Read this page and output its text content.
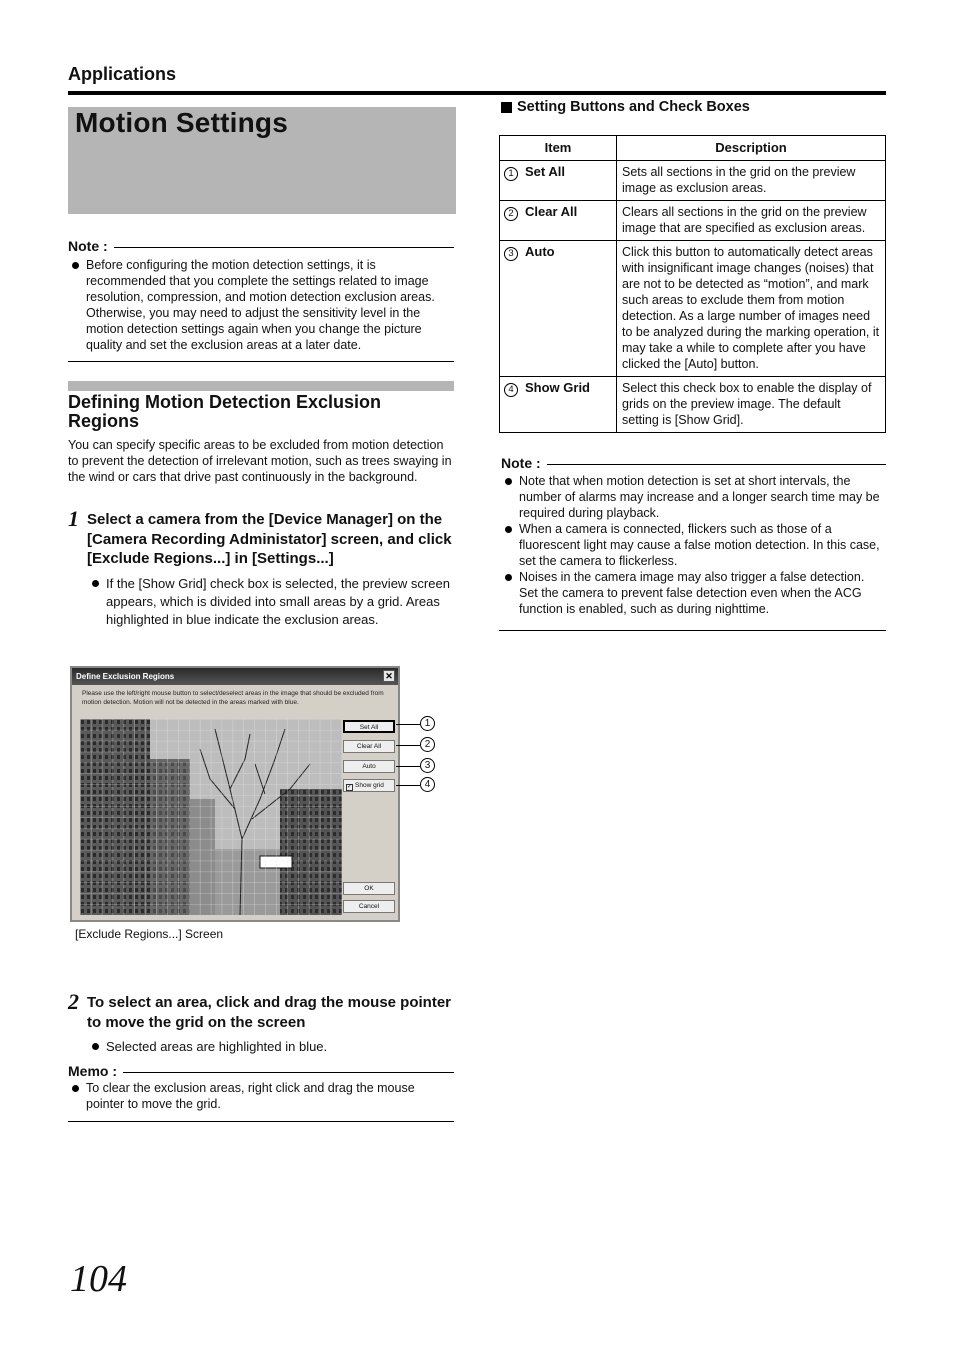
Applications
Motion Settings
Note :
Before configuring the motion detection settings, it is recommended that you complete the settings related to image resolution, compression, and motion detection exclusion areas. Otherwise, you may need to adjust the sensitivity level in the motion detection settings again when you change the picture quality and set the exclusion areas at a later date.
Defining Motion Detection Exclusion Regions
You can specify specific areas to be excluded from motion detection to prevent the detection of irrelevant motion, such as trees swaying in the wind or cars that drive past continuously in the background.
1 Select a camera from the [Device Manager] on the [Camera Recording Administator] screen, and click [Exclude Regions...] in [Settings...]
If the [Show Grid] check box is selected, the preview screen appears, which is divided into small areas by a grid. Areas highlighted in blue indicate the exclusion areas.
Define Exclusion Regions	✕
Please use the left/right mouse button to select/deselect areas in the image that should be excluded from motion detection. Motion will not be detected in the areas marked with blue.
Set All
Clear All
Auto
✓ Show grid
OK
Cancel
1
2
3
4
[Exclude Regions...] Screen
2 To select an area, click and drag the mouse pointer to move the grid on the screen
Selected areas are highlighted in blue.
Memo :
To clear the exclusion areas, right click and drag the mouse pointer to move the grid.
Setting Buttons and Check Boxes
Item	Description
1 Set All	Sets all sections in the grid on the preview image as exclusion areas.
2 Clear All	Clears all sections in the grid on the preview image that are specified as exclusion areas.
3 Auto	Click this button to automatically detect areas with insignificant image changes (noises) that are not to be detected as “motion”, and mark such areas to exclude them from motion detection. As a large number of images need to be analyzed during the marking operation, it may take a while to complete after you have clicked the [Auto] button.
4 Show Grid	Select this check box to enable the display of grids on the preview image. The default setting is [Show Grid].
Note :
Note that when motion detection is set at short intervals, the number of alarms may increase and a longer search time may be required during playback.
When a camera is connected, flickers such as those of a fluorescent light may cause a false motion detection. In this case, set the camera to flickerless.
Noises in the camera image may also trigger a false detection. Set the camera to prevent false detection even when the ACG function is enabled, such as during nighttime.
104
